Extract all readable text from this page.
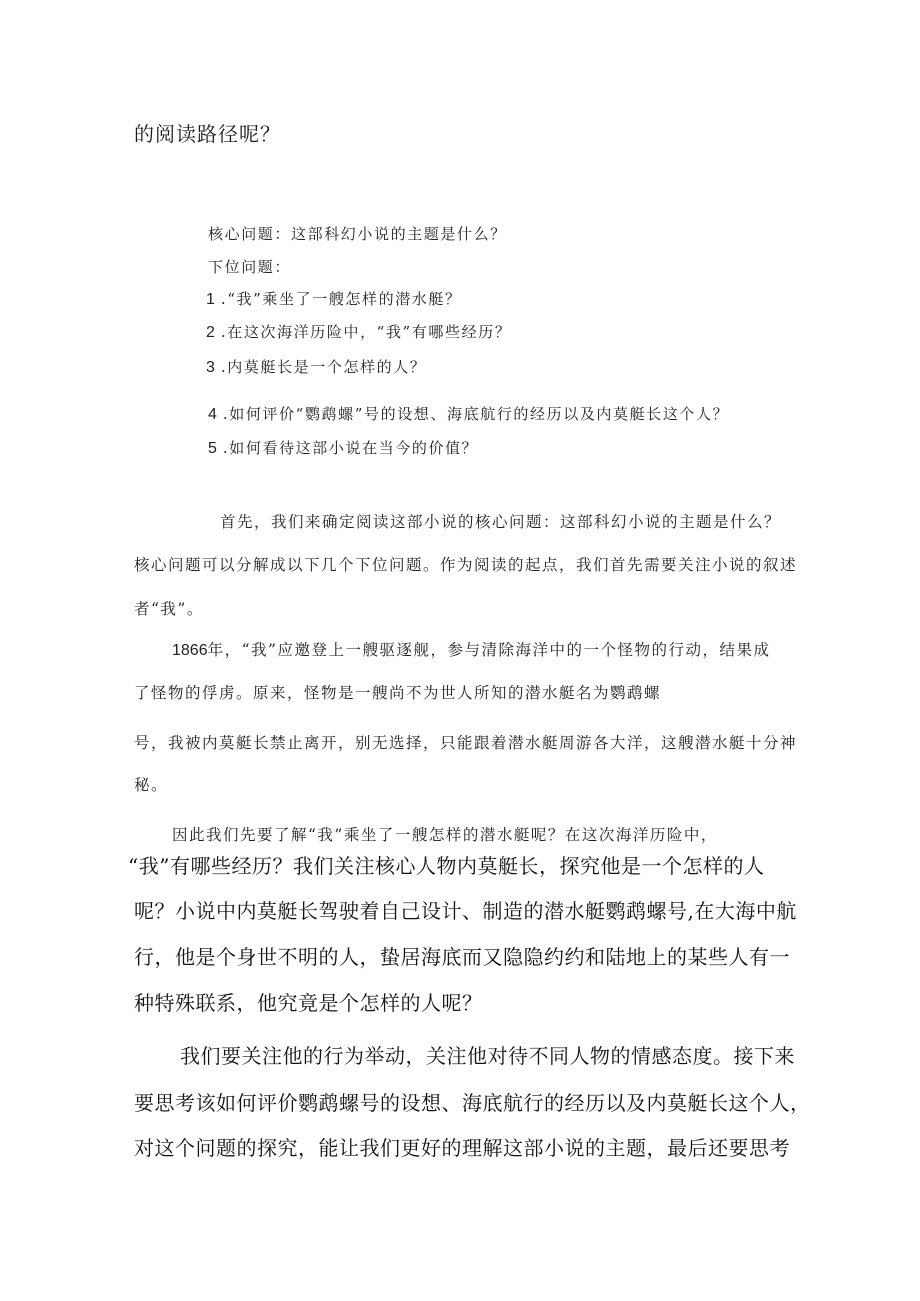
的阅读路径呢？

核心问题：这部科幻小说的主题是什么？

下位问题：

1 .“我”乘坐了一艘怎样的潜水艇？

2 .在这次海洋历险中，“我”有哪些经历？

3 .内莫艇长是一个怎样的人？

4 .如何评价“鹦鹉螺”号的设想、海底航行的经历以及内莫艇长这个人？

5 .如何看待这部小说在当今的价值？

首先，我们来确定阅读这部小说的核心问题：这部科幻小说的主题是什么？

核心问题可以分解成以下几个下位问题。作为阅读的起点，我们首先需要关注小说的叙述

者“我”。

1866年，“我”应邀登上一艘驱逐舰，参与清除海洋中的一个怪物的行动，结果成

了怪物的俘虏。原来，怪物是一艘尚不为世人所知的潜水艇名为鹦鹉螺

号，我被内莫艇长禁止离开，别无选择，只能跟着潜水艇周游各大洋，这艘潜水艇十分神

秘。

因此我们先要了解“我”乘坐了一艘怎样的潜水艇呢？在这次海洋历险中，

“我”有哪些经历？我们关注核心人物内莫艇长，探究他是一个怎样的人

呢？小说中内莫艇长驾驶着自己设计、制造的潜水艇鹦鹉螺号,在大海中航

行，他是个身世不明的人，蛰居海底而又隐隐约约和陆地上的某些人有一

种特殊联系，他究竟是个怎样的人呢？

我们要关注他的行为举动，关注他对待不同人物的情感态度。接下来

要思考该如何评价鹦鹉螺号的设想、海底航行的经历以及内莫艇长这个人，

对这个问题的探究，能让我们更好的理解这部小说的主题，最后还要思考
